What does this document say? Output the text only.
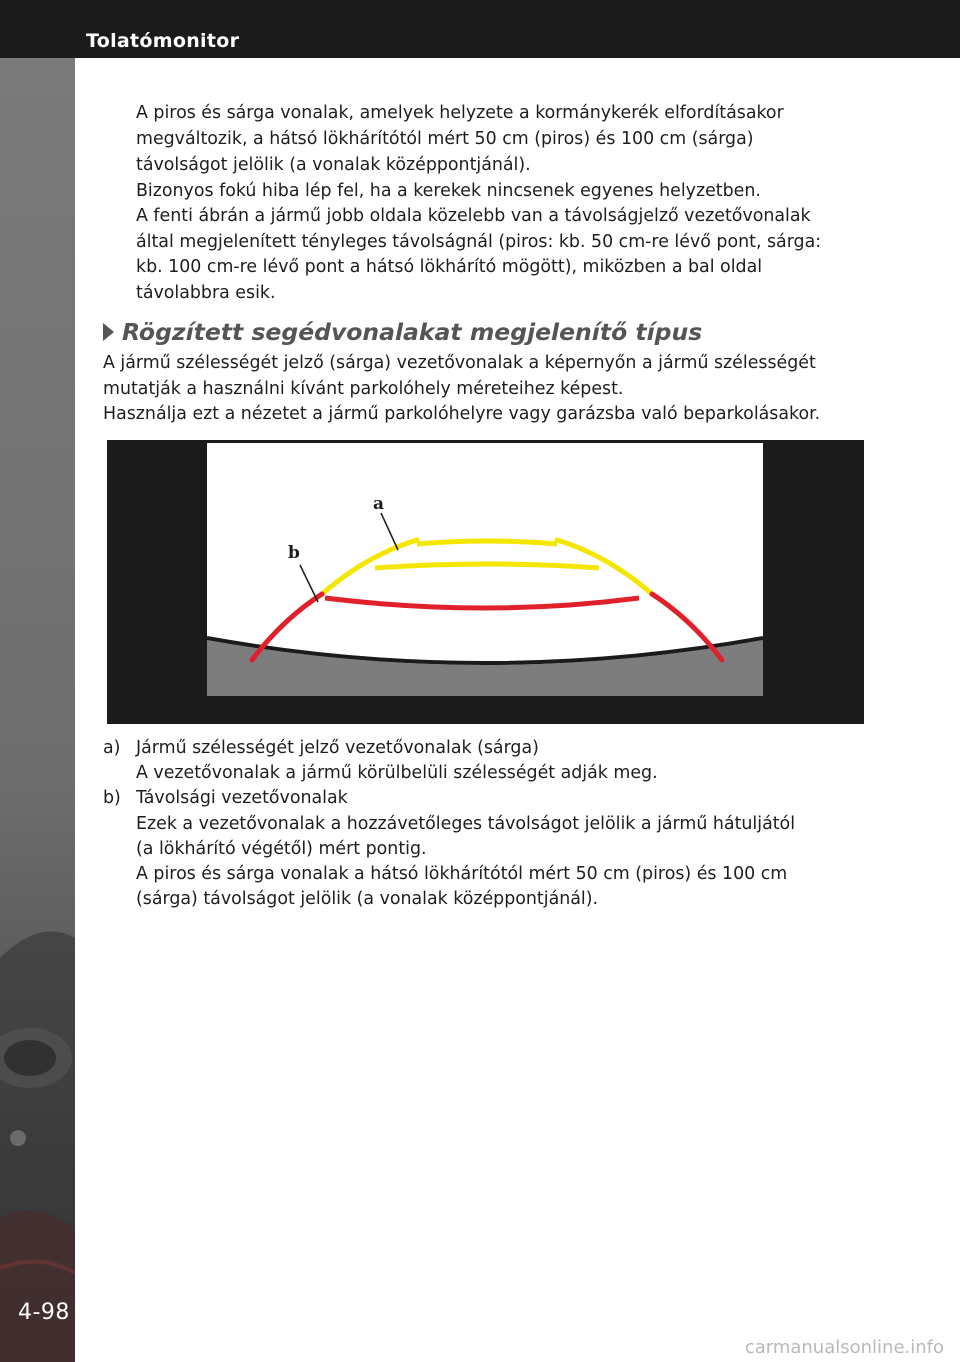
Tolatómonitor
4-98

A piros és sárga vonalak, amelyek helyzete a kormánykerék elfordításakor

megváltozik, a hátsó lökhárítótól mért 50 cm (piros) és 100 cm (sárga)

távolságot jelölik (a vonalak középpontjánál).

Bizonyos fokú hiba lép fel, ha a kerekek nincsenek egyenes helyzetben.

A fenti ábrán a jármű jobb oldala közelebb van a távolságjelző vezetővonalak

által megjelenített tényleges távolságnál (piros: kb. 50 cm-re lévő pont, sárga:

kb. 100 cm-re lévő pont a hátsó lökhárító mögött), miközben a bal oldal

távolabbra esik.

Rögzített segédvonalakat megjelenítő típus

A jármű szélességét jelző (sárga) vezetővonalak a képernyőn a jármű szélességét

mutatják a használni kívánt parkolóhely méreteihez képest.

Használja ezt a nézetet a jármű parkolóhelyre vagy garázsba való beparkolásakor.

a
b
a) Jármű szélességét jelző vezetővonalak (sárga)

A vezetővonalak a jármű körülbelüli szélességét adják meg.

b) Távolsági vezetővonalak

Ezek a vezetővonalak a hozzávetőleges távolságot jelölik a jármű hátuljától

(a lökhárító végétől) mért pontig.

A piros és sárga vonalak a hátsó lökhárítótól mért 50 cm (piros) és 100 cm

(sárga) távolságot jelölik (a vonalak középpontjánál).

carmanualsonline.info
